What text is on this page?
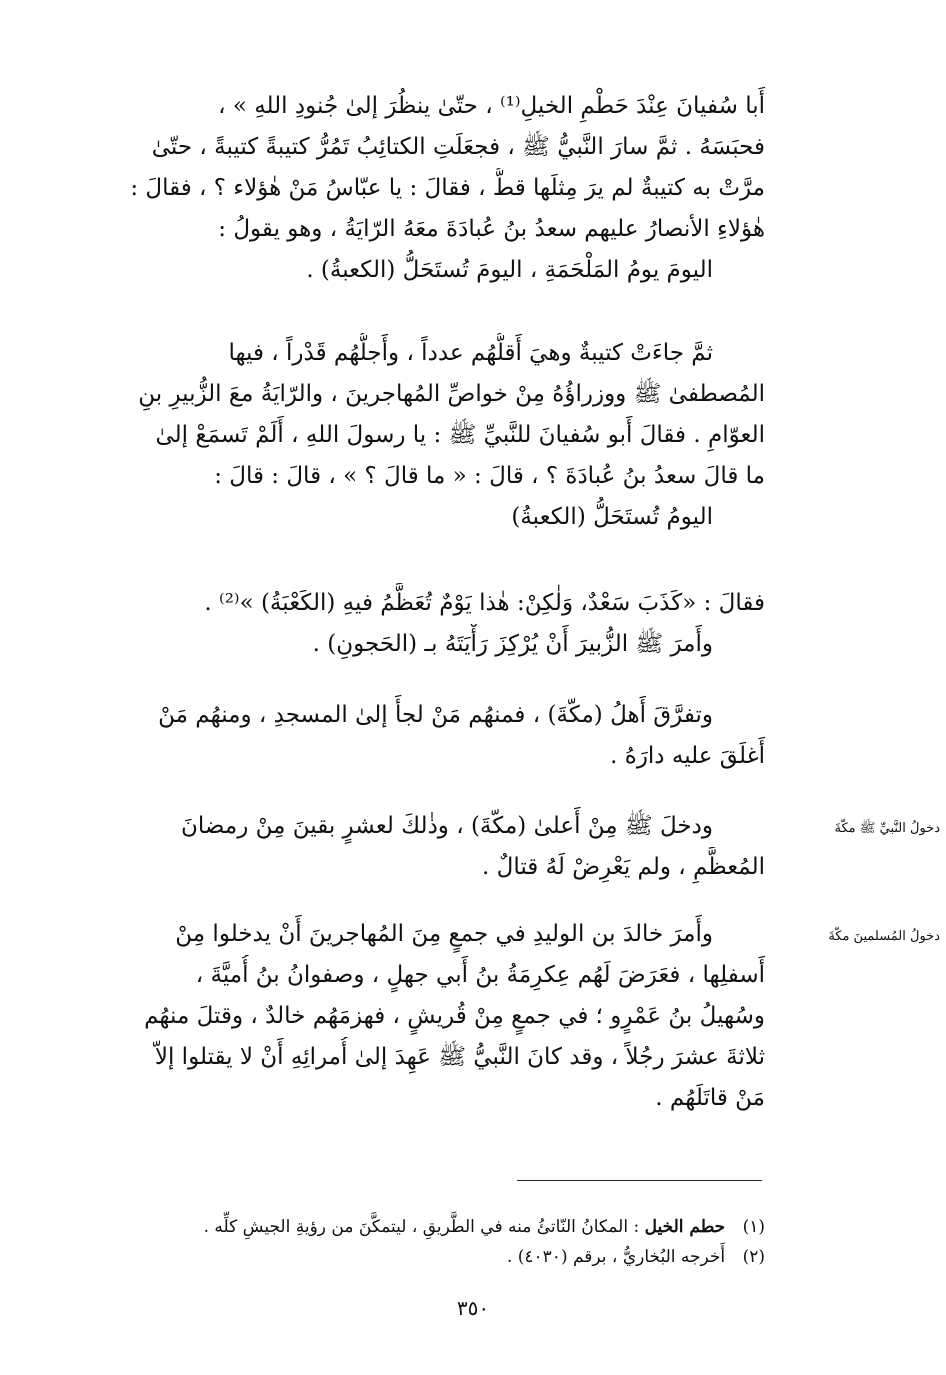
أَبا سُفيانَ عِنْدَ حَطْمِ الخيلِ⁽¹⁾ ، حتّىٰ ينظُرَ إلىٰ جُنودِ اللهِ » ،
فحبَسَهُ . ثمَّ سارَ النَّبيُّ ﷺ ، فجعَلَتِ الكتائِبُ تَمُرُّ كتيبةً كتيبةً ، حتّىٰ
مرَّتْ به كتيبةٌ لم يرَ مِثلَها قطُّ ، فقالَ : يا عبّاسُ مَنْ هٰؤلاء ؟ ، فقالَ :
هٰؤلاءِ الأنصارُ عليهم سعدُ بنُ عُبادَةَ معَهُ الرّايَةُ ، وهو يقولُ :
اليومَ يومُ المَلْحَمَةِ ، اليومَ تُستَحَلُّ (الكعبةُ) .
ثمَّ جاءَتْ كتيبةٌ وهيَ أَقلُّهُم عدداً ، وأَجلُّهُم قَدْراً ، فيها
المُصطفىٰ ﷺ ووزراؤُهُ مِنْ خواصِّ المُهاجرينَ ، والرّايَةُ معَ الزُّبيرِ بنِ
العوّامِ . فقالَ أَبو سُفيانَ للنَّبيِّ ﷺ : يا رسولَ اللهِ ، أَلَمْ تَسمَعْ إلىٰ
ما قالَ سعدُ بنُ عُبادَةَ ؟ ، قالَ : « ما قالَ ؟ » ، قالَ : قالَ :
اليومُ تُستَحَلُّ (الكعبةُ)
فقالَ : «كَذَبَ سَعْدٌ، وَلٰكِنْ: هٰذا يَوْمٌ تُعَظَّمُ فيهِ (الكَعْبَةُ) »⁽²⁾ .
وأَمرَ ﷺ الزُّبيرَ أَنْ يُرْكِزَ رَأْيَتَهُ بـ (الحَجونِ) .
وتفرَّقَ أَهلُ (مكّةَ) ، فمنهُم مَنْ لجأَ إلىٰ المسجدِ ، ومنهُم مَنْ
أَغلَقَ عليه دارَهُ .
ودخلَ ﷺ مِنْ أَعلىٰ (مكّةَ) ، وذٰلكَ لعشرٍ بقينَ مِنْ رمضانَ
المُعظَّمِ ، ولم يَعْرِضْ لَهُ قتالٌ .
دخولُ النَّبيِّ ﷺ مكّةَ
وأَمرَ خالدَ بن الوليدِ في جمعٍ مِنَ المُهاجرينَ أَنْ يدخلوا مِنْ
أَسفلِها ، فعَرَضَ لَهُم عِكرِمَةُ بنُ أَبي جهلٍ ، وصفوانُ بنُ أُميَّةَ ،
وسُهيلُ بنُ عَمْرٍو ؛ في جمعٍ مِنْ قُريشٍ ، فهزمَهُم خالدٌ ، وقتلَ منهُم
ثلاثةَ عشرَ رجُلاً ، وقد كانَ النَّبيُّ ﷺ عَهِدَ إلىٰ أُمرائِهِ أَنْ لا يقتلوا إلاّ
مَنْ قاتَلَهُم .
دخولُ المُسلمينَ مكّةَ
(١) حطم الخيل : المكانُ النّاتئُ منه في الطَّريقِ ، ليتمكَّنَ من رؤيةِ الجيشِ كلِّه .
(٢) أَخرجه البُخاريُّ ، برقم (٤٠٣٠) .
٣٥٠
